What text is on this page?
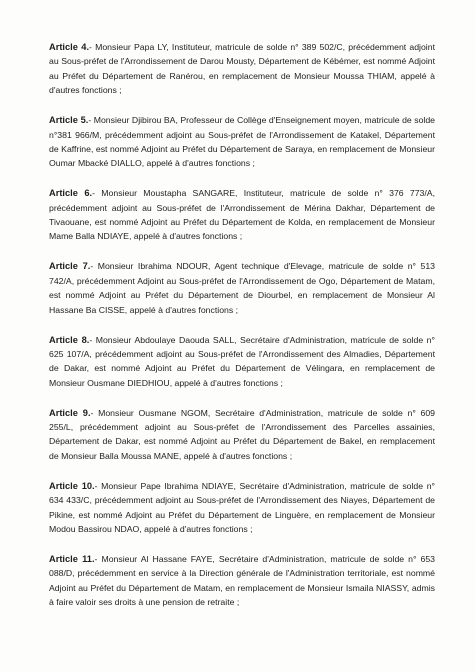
Article 4.- Monsieur Papa LY, Instituteur, matricule de solde n° 389 502/C, précédemment adjoint au Sous-préfet de l'Arrondissement de Darou Mousty, Département de Kébémer, est nommé Adjoint au Préfet du Département de Ranérou, en remplacement de Monsieur Moussa THIAM, appelé à d'autres fonctions ;

Article 5.- Monsieur Djibirou BA, Professeur de Collège d'Enseignement moyen, matricule de solde n°381 966/M, précédemment adjoint au Sous-préfet de l'Arrondissement de Katakel, Département de Kaffrine, est nommé Adjoint au Préfet du Département de Saraya, en remplacement de Monsieur Oumar Mbacké DIALLO, appelé à d'autres fonctions ;

Article 6.- Monsieur Moustapha SANGARE, Instituteur, matricule de solde n° 376 773/A, précédemment adjoint au Sous-préfet de l'Arrondissement de Mérina Dakhar, Département de Tivaouane, est nommé Adjoint au Préfet du Département de Kolda, en remplacement de Monsieur Mame Balla NDIAYE, appelé à d'autres fonctions ;

Article 7.- Monsieur Ibrahima NDOUR, Agent technique d'Elevage, matricule de solde n° 513 742/A, précédemment Adjoint au Sous-préfet de l'Arrondissement de Ogo, Département de Matam, est nommé Adjoint au Préfet du Département de Diourbel, en remplacement de Monsieur Al Hassane Ba CISSE, appelé à d'autres fonctions ;

Article 8.- Monsieur Abdoulaye Daouda SALL, Secrétaire d'Administration, matricule de solde n° 625 107/A, précédemment adjoint au Sous-préfet de l'Arrondissement des Almadies, Département de Dakar, est nommé Adjoint au Préfet du Département de Vélingara, en remplacement de Monsieur Ousmane DIEDHIOU, appelé à d'autres fonctions ;

Article 9.- Monsieur Ousmane NGOM, Secrétaire d'Administration, matricule de solde n° 609 255/L, précédemment adjoint au Sous-préfet de l'Arrondissement des Parcelles assainies, Département de Dakar, est nommé Adjoint au Préfet du Département de Bakel, en remplacement de Monsieur Balla Moussa MANE, appelé à d'autres fonctions ;

Article 10.- Monsieur Pape Ibrahima NDIAYE, Secrétaire d'Administration, matricule de solde n° 634 433/C, précédemment adjoint au Sous-préfet de l'Arrondissement des Niayes, Département de Pikine, est nommé Adjoint au Préfet du Département de Linguère, en remplacement de Monsieur Modou Bassirou NDAO, appelé à d'autres fonctions ;

Article 11.- Monsieur Al Hassane FAYE, Secrétaire d'Administration, matricule de solde n° 653 088/D, précédemment en service à la Direction générale de l'Administration territoriale, est nommé Adjoint au Préfet du Département de Matam, en remplacement de Monsieur Ismaila NIASSY, admis à faire valoir ses droits à une pension de retraite ;
